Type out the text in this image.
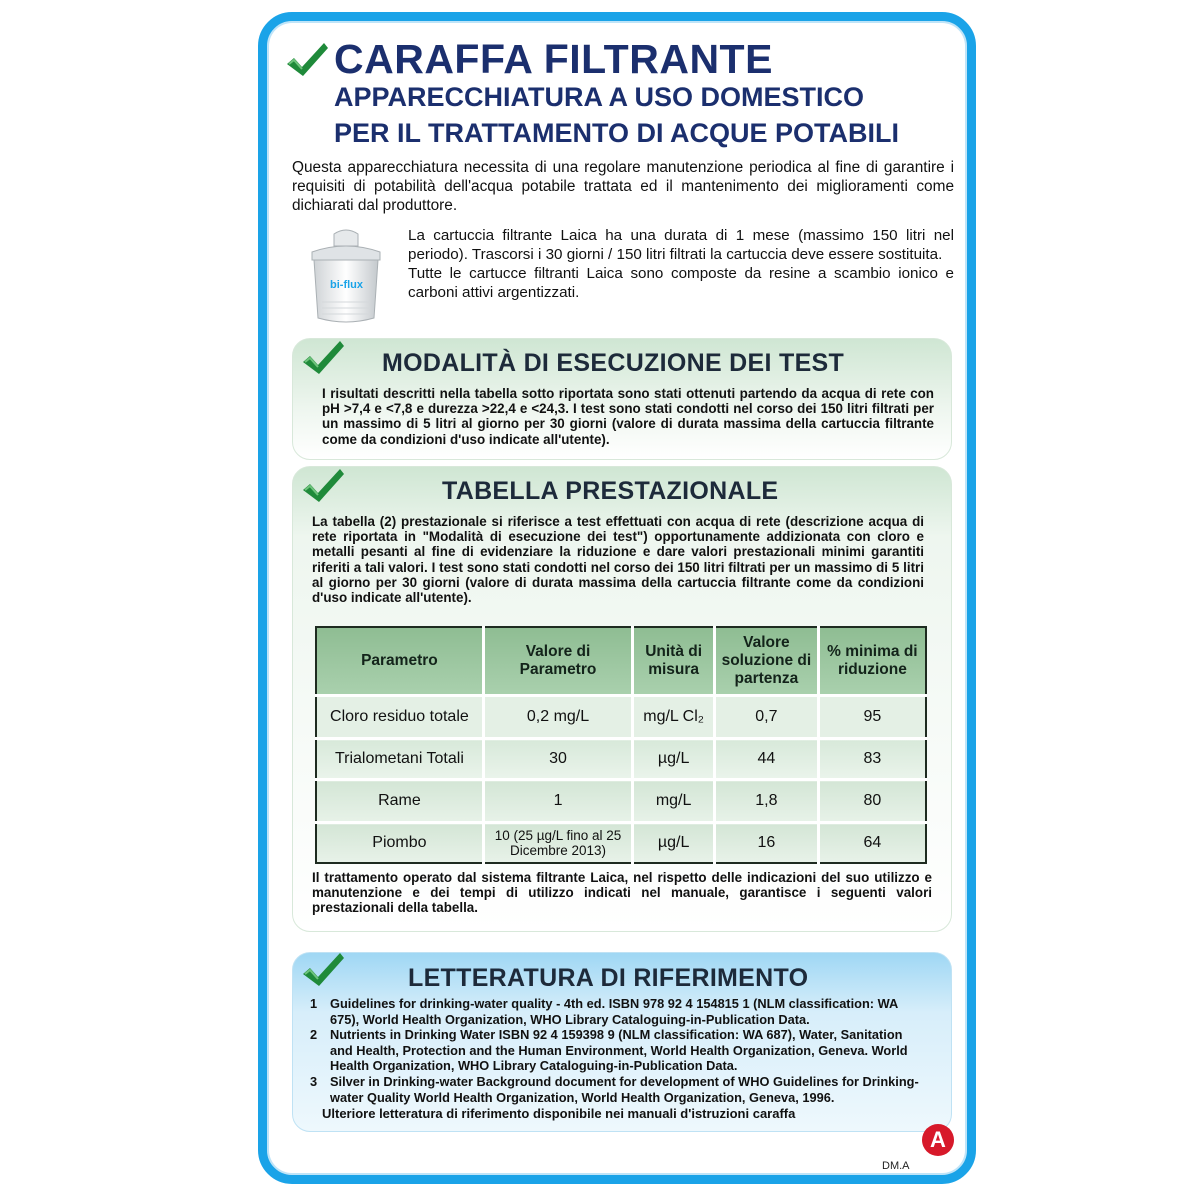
CARAFFA FILTRANTE
APPARECCHIATURA A USO DOMESTICO
PER IL TRATTAMENTO DI ACQUE POTABILI

Questa apparecchiatura necessita di una regolare manutenzione periodica al fine di garantire i requisiti di potabilità dell'acqua potabile trattata ed il mantenimento dei miglioramenti come dichiarati dal produttore.

bi-flux

La cartuccia filtrante Laica ha una durata di 1 mese (massimo 150 litri nel periodo). Trascorsi i 30 giorni / 150 litri filtrati la cartuccia deve essere sostituita.

Tutte le cartucce filtranti Laica sono composte da resine a scambio ionico e carboni attivi argentizzati.

MODALITÀ DI ESECUZIONE DEI TEST

I risultati descritti nella tabella sotto riportata sono stati ottenuti partendo da acqua di rete con pH >7,4 e <7,8 e durezza >22,4 e <24,3. I test sono stati condotti nel corso dei 150 litri filtrati per un massimo di 5 litri al giorno per 30 giorni (valore di durata massima della cartuccia filtrante come da condizioni d'uso indicate all'utente).

TABELLA PRESTAZIONALE

La tabella (2) prestazionale si riferisce a test effettuati con acqua di rete (descrizione acqua di rete riportata in "Modalità di esecuzione dei test") opportunamente addizionata con cloro e metalli pesanti al fine di evidenziare la riduzione e dare valori prestazionali minimi garantiti riferiti a tali valori. I test sono stati condotti nel corso dei 150 litri filtrati per un massimo di 5 litri al giorno per 30 giorni (valore di durata massima della cartuccia filtrante come da condizioni d'uso indicate all'utente).

Parametro	Valore di Parametro	Unità di misura	Valore soluzione di partenza	% minima di riduzione
Cloro residuo totale	0,2 mg/L	mg/L Cl₂	0,7	95
Trialometani Totali	30	µg/L	44	83
Rame	1	mg/L	1,8	80
Piombo	10 (25 µg/L fino al 25 Dicembre 2013)	µg/L	16	64

Il trattamento operato dal sistema filtrante Laica, nel rispetto delle indicazioni del suo utilizzo e manutenzione e dei tempi di utilizzo indicati nel manuale, garantisce i seguenti valori prestazionali della tabella.

LETTERATURA DI RIFERIMENTO
1 Guidelines for drinking-water quality - 4th ed. ISBN 978 92 4 154815 1 (NLM classification: WA 675), World Health Organization, WHO Library Cataloguing-in-Publication Data.
2 Nutrients in Drinking Water ISBN 92 4 159398 9 (NLM classification: WA 687), Water, Sanitation and Health, Protection and the Human Environment, World Health Organization, Geneva. World Health Organization, WHO Library Cataloguing-in-Publication Data.
3 Silver in Drinking-water Background document for development of WHO Guidelines for Drinking-water Quality World Health Organization, World Health Organization, Geneva, 1996.

Ulteriore letteratura di riferimento disponibile nei manuali d'istruzioni caraffa

A

DM.A
